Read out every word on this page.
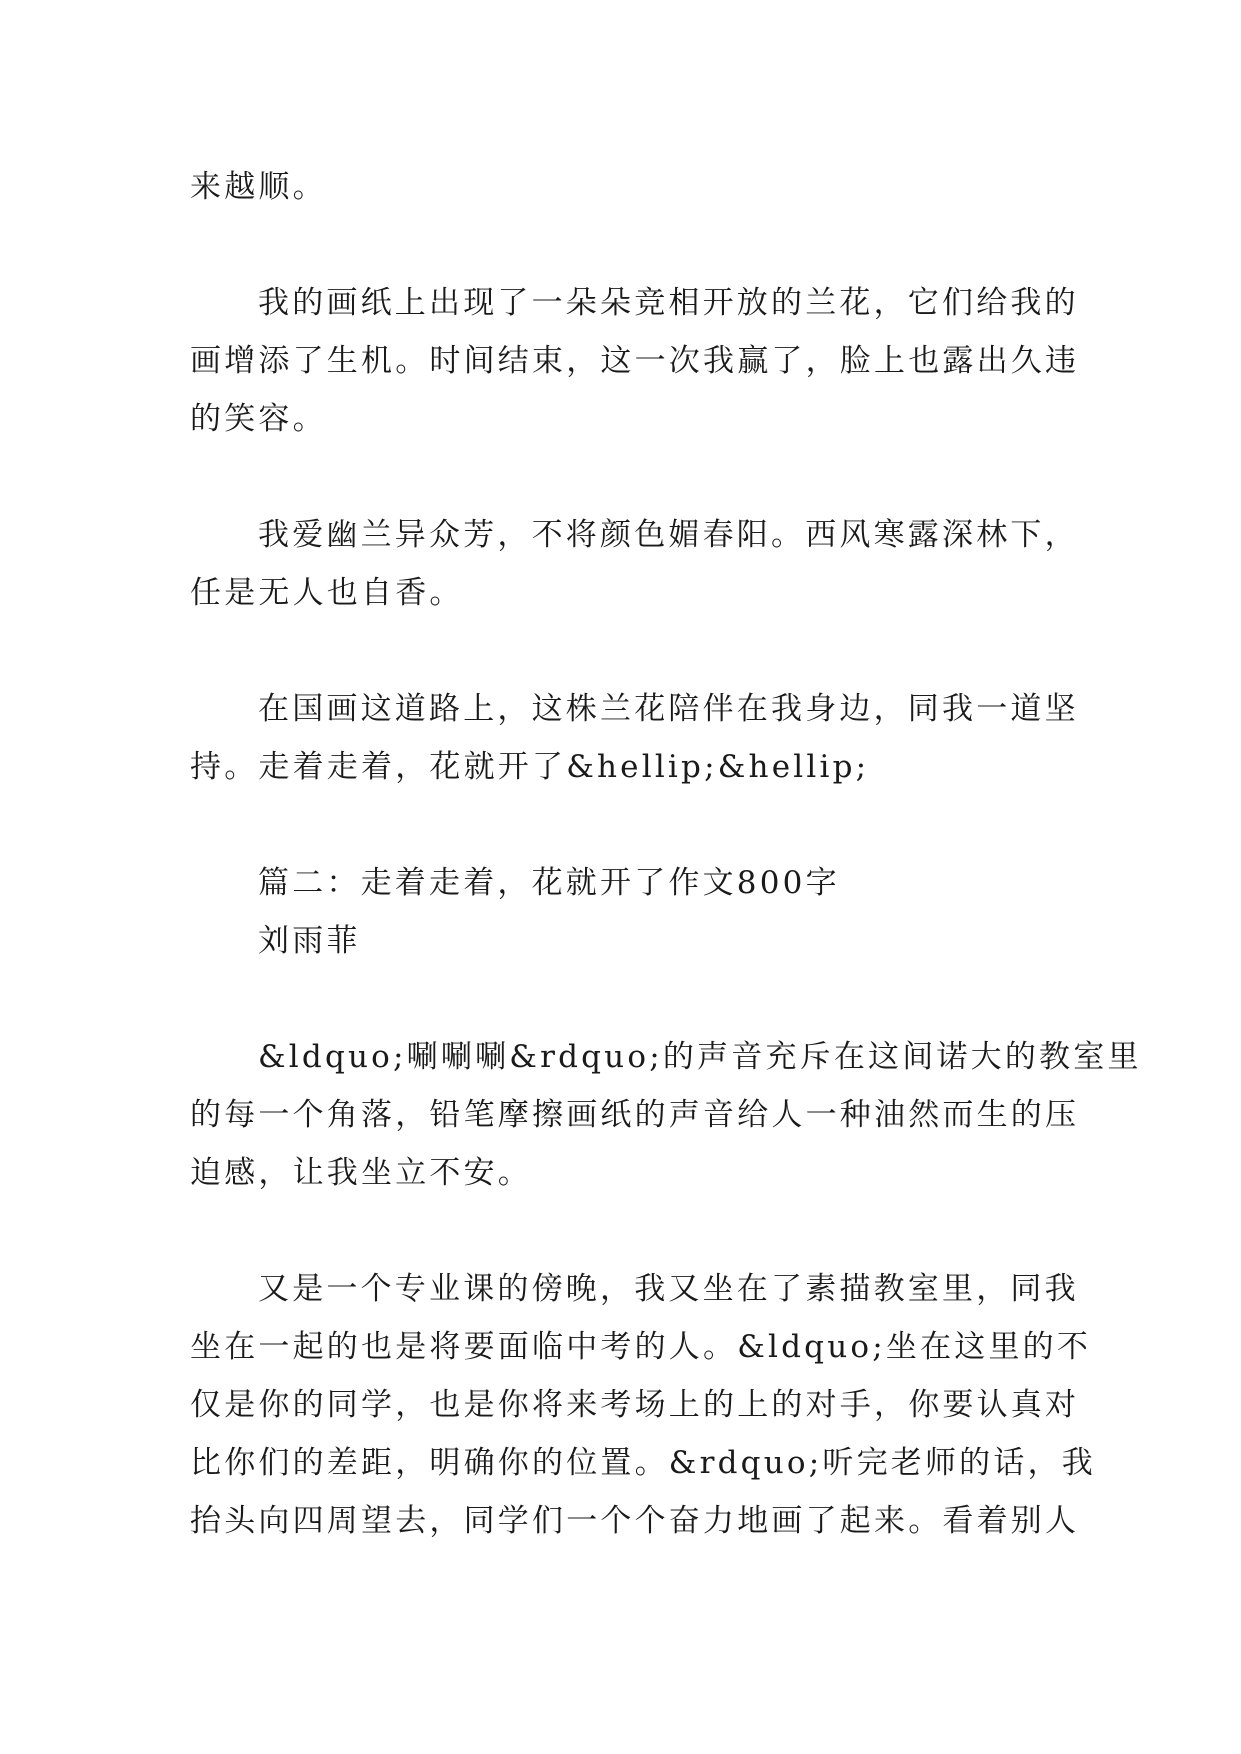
来越顺。
我的画纸上出现了一朵朵竞相开放的兰花，它们给我的
画增添了生机。时间结束，这一次我赢了，脸上也露出久违
的笑容。
我爱幽兰异众芳，不将颜色媚春阳。西风寒露深林下，
任是无人也自香。
在国画这道路上，这株兰花陪伴在我身边，同我一道坚
持。走着走着，花就开了&hellip;&hellip;
篇二：走着走着，花就开了作文800字
刘雨菲
&ldquo;唰唰唰&rdquo;的声音充斥在这间诺大的教室里
的每一个角落，铅笔摩擦画纸的声音给人一种油然而生的压
迫感，让我坐立不安。
又是一个专业课的傍晚，我又坐在了素描教室里，同我
坐在一起的也是将要面临中考的人。&ldquo;坐在这里的不
仅是你的同学，也是你将来考场上的上的对手，你要认真对
比你们的差距，明确你的位置。&rdquo;听完老师的话，我
抬头向四周望去，同学们一个个奋力地画了起来。看着别人
